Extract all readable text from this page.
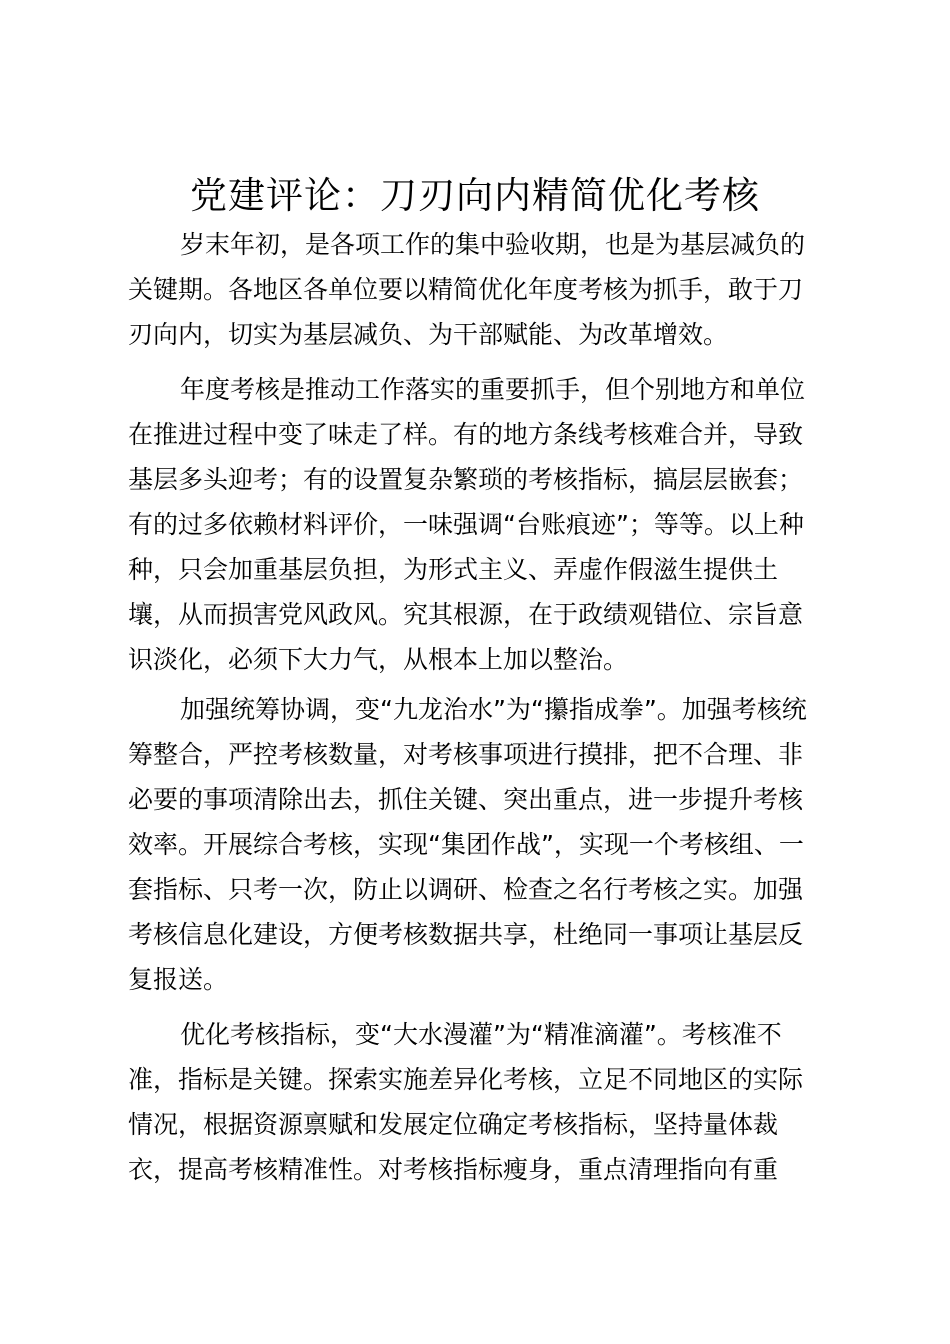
党建评论：刀刃向内精简优化考核

岁末年初，是各项工作的集中验收期，也是为基层减负的
关键期。各地区各单位要以精简优化年度考核为抓手，敢于刀
刃向内，切实为基层减负、为干部赋能、为改革增效。

年度考核是推动工作落实的重要抓手，但个别地方和单位
在推进过程中变了味走了样。有的地方条线考核难合并，导致
基层多头迎考；有的设置复杂繁琐的考核指标，搞层层嵌套；
有的过多依赖材料评价，一味强调“台账痕迹”；等等。以上种
种，只会加重基层负担，为形式主义、弄虚作假滋生提供土
壤，从而损害党风政风。究其根源，在于政绩观错位、宗旨意
识淡化，必须下大力气，从根本上加以整治。

加强统筹协调，变“九龙治水”为“攥指成拳”。加强考核统
筹整合，严控考核数量，对考核事项进行摸排，把不合理、非
必要的事项清除出去，抓住关键、突出重点，进一步提升考核
效率。开展综合考核，实现“集团作战”，实现一个考核组、一
套指标、只考一次，防止以调研、检查之名行考核之实。加强
考核信息化建设，方便考核数据共享，杜绝同一事项让基层反
复报送。

优化考核指标，变“大水漫灌”为“精准滴灌”。考核准不
准，指标是关键。探索实施差异化考核，立足不同地区的实际
情况，根据资源禀赋和发展定位确定考核指标，坚持量体裁
衣，提高考核精准性。对考核指标瘦身，重点清理指向有重
